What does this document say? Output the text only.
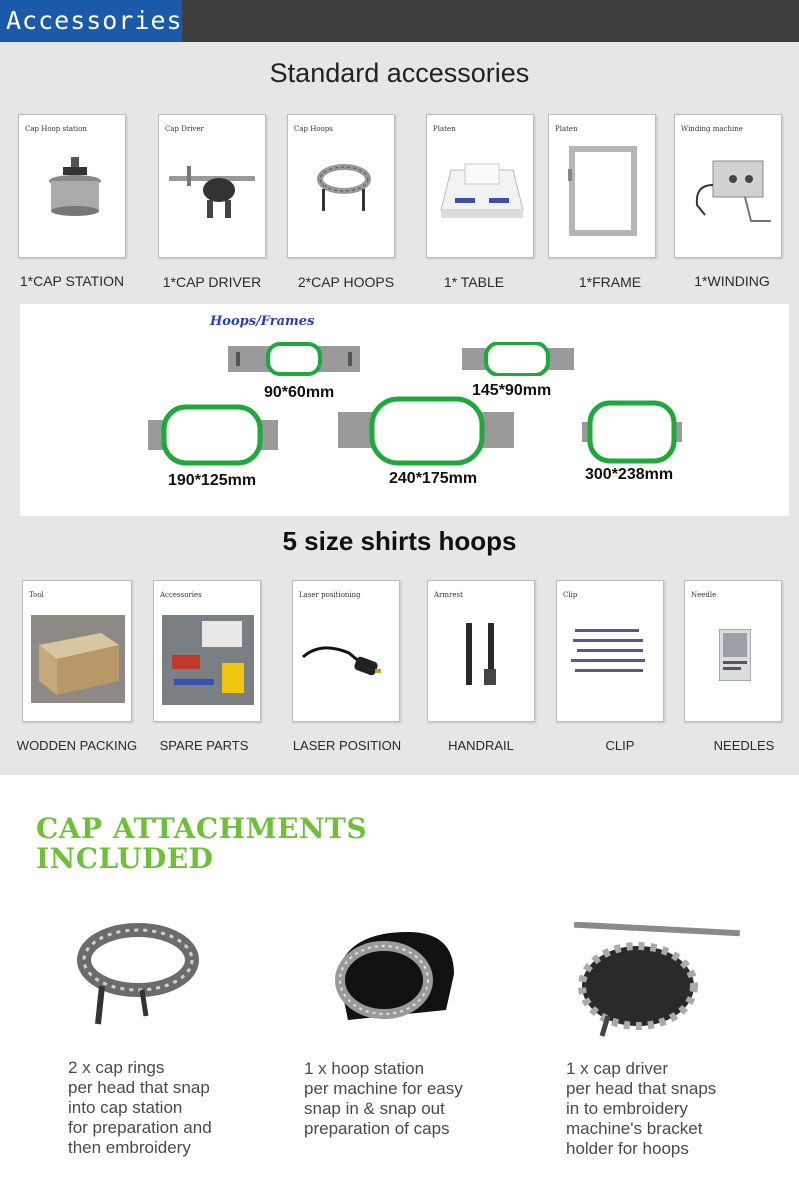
Accessories
Standard accessories
Cap Hoop station	Cap Driver	Cap Hoops	Platen	Platen	Winding machine
1*CAP STATION	1*CAP DRIVER	2*CAP HOOPS	1* TABLE	1*FRAME	1*WINDING
Hoops/Frames
90*60mm	145*90mm
190*125mm	240*175mm	300*238mm
5 size shirts hoops
Tool	Accessories	Laser positioning	Armrest	Clip	Needle
WODDEN PACKING	SPARE PARTS	LASER POSITION	HANDRAIL	CLIP	NEEDLES
CAP ATTACHMENTS
INCLUDED
2 x cap rings
per head that snap
into cap station
for preparation and
then embroidery
1 x hoop station
per machine for easy
snap in & snap out
preparation of caps
1 x cap driver
per head that snaps
in to embroidery
machine's bracket
holder for hoops
